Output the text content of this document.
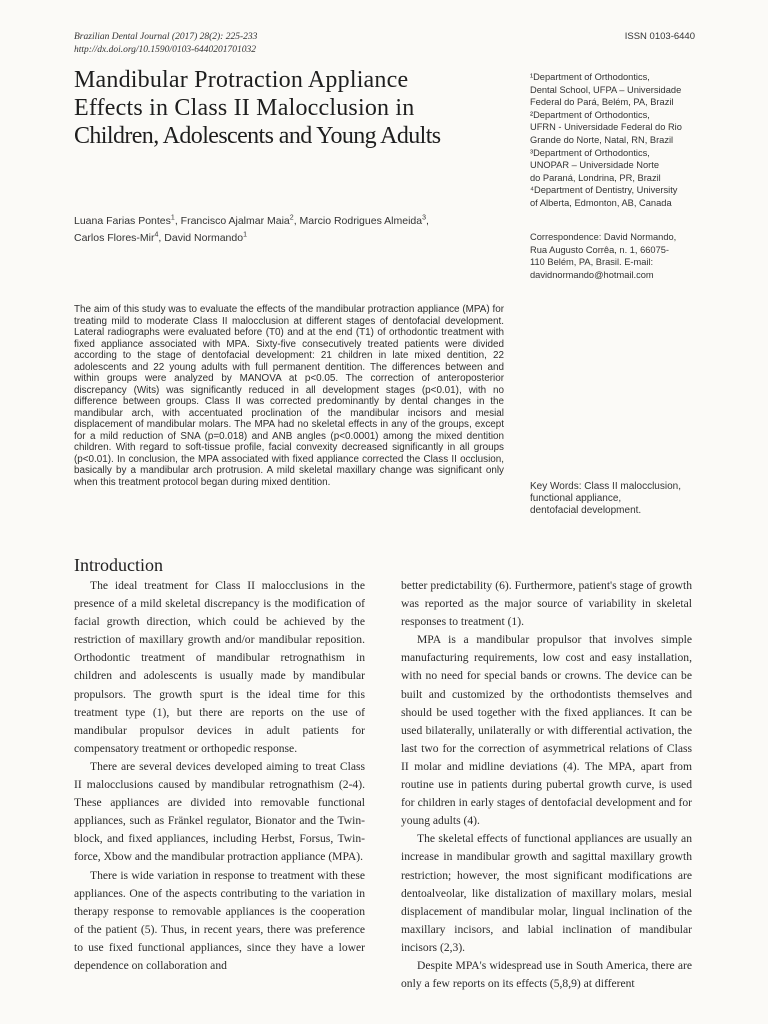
Brazilian Dental Journal (2017) 28(2): 225-233
http://dx.doi.org/10.1590/0103-6440201701032
ISSN 0103-6440
Mandibular Protraction Appliance
Effects in Class II Malocclusion in
Children, Adolescents and Young Adults
Luana Farias Pontes$^1$, Francisco Ajalmar Maia$^2$, Marcio Rodrigues Almeida$^3$,
Carlos Flores-Mir$^4$, David Normando$^1$
¹Department of Orthodontics,
Dental School, UFPA – Universidade
Federal do Pará, Belém, PA, Brazil
²Department of Orthodontics,
UFRN - Universidade Federal do Rio
Grande do Norte, Natal, RN, Brazil
³Department of Orthodontics,
UNOPAR – Universidade Norte
do Paraná, Londrina, PR, Brazil
⁴Department of Dentistry, University
of Alberta, Edmonton, AB, Canada
Correspondence: David Normando,
Rua Augusto Corrêa, n. 1, 66075-
110 Belém, PA, Brasil. E-mail:
davidnormando@hotmail.com
The aim of this study was to evaluate the effects of the mandibular protraction appliance (MPA) for treating mild to moderate Class II malocclusion at different stages of dentofacial development. Lateral radiographs were evaluated before (T0) and at the end (T1) of orthodontic treatment with fixed appliance associated with MPA. Sixty-five consecutively treated patients were divided according to the stage of dentofacial development: 21 children in late mixed dentition, 22 adolescents and 22 young adults with full permanent dentition. The differences between and within groups were analyzed by MANOVA at p<0.05. The correction of anteroposterior discrepancy (Wits) was significantly reduced in all development stages (p<0.01), with no difference between groups. Class II was corrected predominantly by dental changes in the mandibular arch, with accentuated proclination of the mandibular incisors and mesial displacement of mandibular molars. The MPA had no skeletal effects in any of the groups, except for a mild reduction of SNA (p=0.018) and ANB angles (p<0.0001) among the mixed dentition children. With regard to soft-tissue profile, facial convexity decreased significantly in all groups (p<0.01). In conclusion, the MPA associated with fixed appliance corrected the Class II occlusion, basically by a mandibular arch protrusion. A mild skeletal maxillary change was significant only when this treatment protocol began during mixed dentition.	Key Words: Class II malocclusion,
functional appliance,
dentofacial development.
Introduction

The ideal treatment for Class II malocclusions in the presence of a mild skeletal discrepancy is the modification of facial growth direction, which could be achieved by the restriction of maxillary growth and/or mandibular reposition. Orthodontic treatment of mandibular retrognathism in children and adolescents is usually made by mandibular propulsors. The growth spurt is the ideal time for this treatment type (1), but there are reports on the use of mandibular propulsor devices in adult patients for compensatory treatment or orthopedic response.

There are several devices developed aiming to treat Class II malocclusions caused by mandibular retrognathism (2-4). These appliances are divided into removable functional appliances, such as Fränkel regulator, Bionator and the Twin-block, and fixed appliances, including Herbst, Forsus, Twin-force, Xbow and the mandibular protraction appliance (MPA).

There is wide variation in response to treatment with these appliances. One of the aspects contributing to the variation in therapy response to removable appliances is the cooperation of the patient (5). Thus, in recent years, there was preference to use fixed functional appliances, since they have a lower dependence on collaboration and

better predictability (6). Furthermore, patient's stage of growth was reported as the major source of variability in skeletal responses to treatment (1).

MPA is a mandibular propulsor that involves simple manufacturing requirements, low cost and easy installation, with no need for special bands or crowns. The device can be built and customized by the orthodontists themselves and should be used together with the fixed appliances. It can be used bilaterally, unilaterally or with differential activation, the last two for the correction of asymmetrical relations of Class II molar and midline deviations (4). The MPA, apart from routine use in patients during pubertal growth curve, is used for children in early stages of dentofacial development and for young adults (4).

The skeletal effects of functional appliances are usually an increase in mandibular growth and sagittal maxillary growth restriction; however, the most significant modifications are dentoalveolar, like distalization of maxillary molars, mesial displacement of mandibular molar, lingual inclination of the maxillary incisors, and labial inclination of mandibular incisors (2,3).

Despite MPA's widespread use in South America, there are only a few reports on its effects (5,8,9) at different
